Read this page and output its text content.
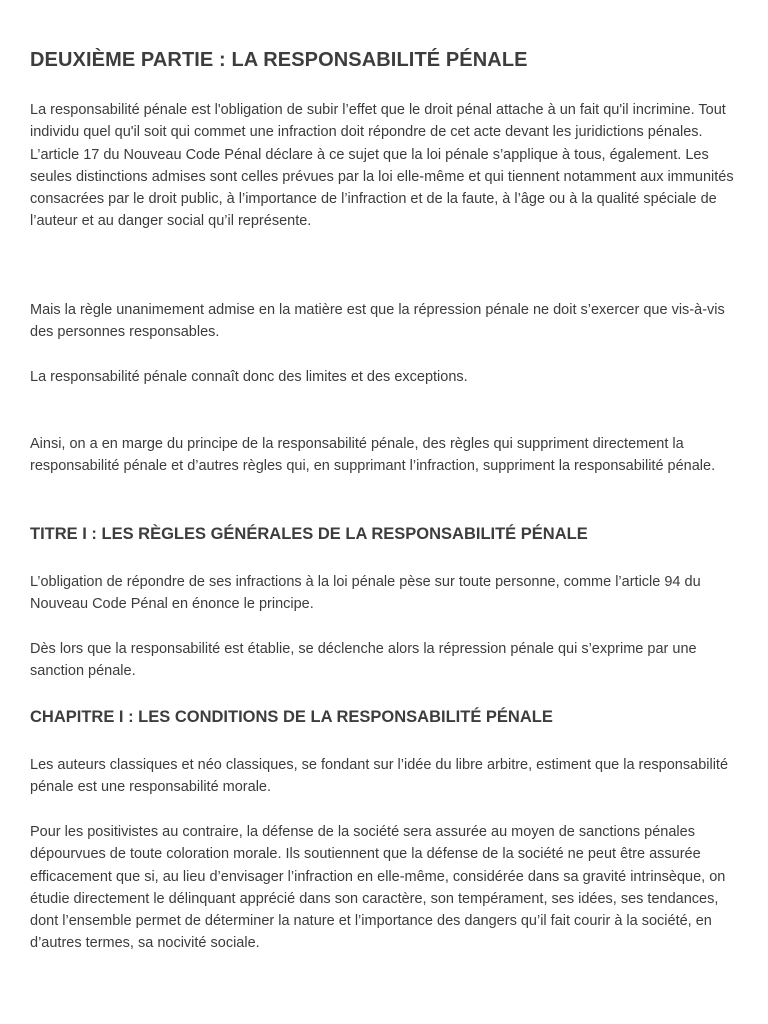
DEUXIÈME PARTIE : LA RESPONSABILITÉ PÉNALE

La responsabilité pénale est l'obligation de subir l’effet que le droit pénal attache à un fait qu'il incrimine. Tout individu quel qu'il soit qui commet une infraction doit répondre de cet acte devant les juridictions pénales. L’article 17 du Nouveau Code Pénal déclare à ce sujet que la loi pénale s’applique à tous, également. Les seules distinctions admises sont celles prévues par la loi elle-même et qui tiennent notamment aux immunités consacrées par le droit public, à l’importance de l’infraction et de la faute, à l’âge ou à la qualité spéciale de l’auteur et au danger social qu’il représente.

Mais la règle unanimement admise en la matière est que la répression pénale ne doit s’exercer que vis-à-vis des personnes responsables.

La responsabilité pénale connaît donc des limites et des exceptions.

Ainsi, on a en marge du principe de la responsabilité pénale, des règles qui suppriment directement la responsabilité pénale et d’autres règles qui, en supprimant l’infraction, suppriment la responsabilité pénale.

TITRE I : LES RÈGLES GÉNÉRALES DE LA RESPONSABILITÉ PÉNALE

L’obligation de répondre de ses infractions à la loi pénale pèse sur toute personne, comme l’article 94 du Nouveau Code Pénal en énonce le principe.

Dès lors que la responsabilité est établie, se déclenche alors la répression pénale qui s’exprime par une sanction pénale.

CHAPITRE I : LES CONDITIONS DE LA RESPONSABILITÉ PÉNALE

Les auteurs classiques et néo classiques, se fondant sur l’idée du libre arbitre, estiment que la responsabilité pénale est une responsabilité morale.

Pour les positivistes au contraire, la défense de la société sera assurée au moyen de sanctions pénales dépourvues de toute coloration morale. Ils soutiennent que la défense de la société ne peut être assurée efficacement que si, au lieu d’envisager l’infraction en elle-même, considérée dans sa gravité intrinsèque, on étudie directement le délinquant apprécié dans son caractère, son tempérament, ses idées, ses tendances, dont l’ensemble permet de déterminer la nature et l’importance des dangers qu’il fait courir à la société, en d’autres termes, sa nocivité sociale.
